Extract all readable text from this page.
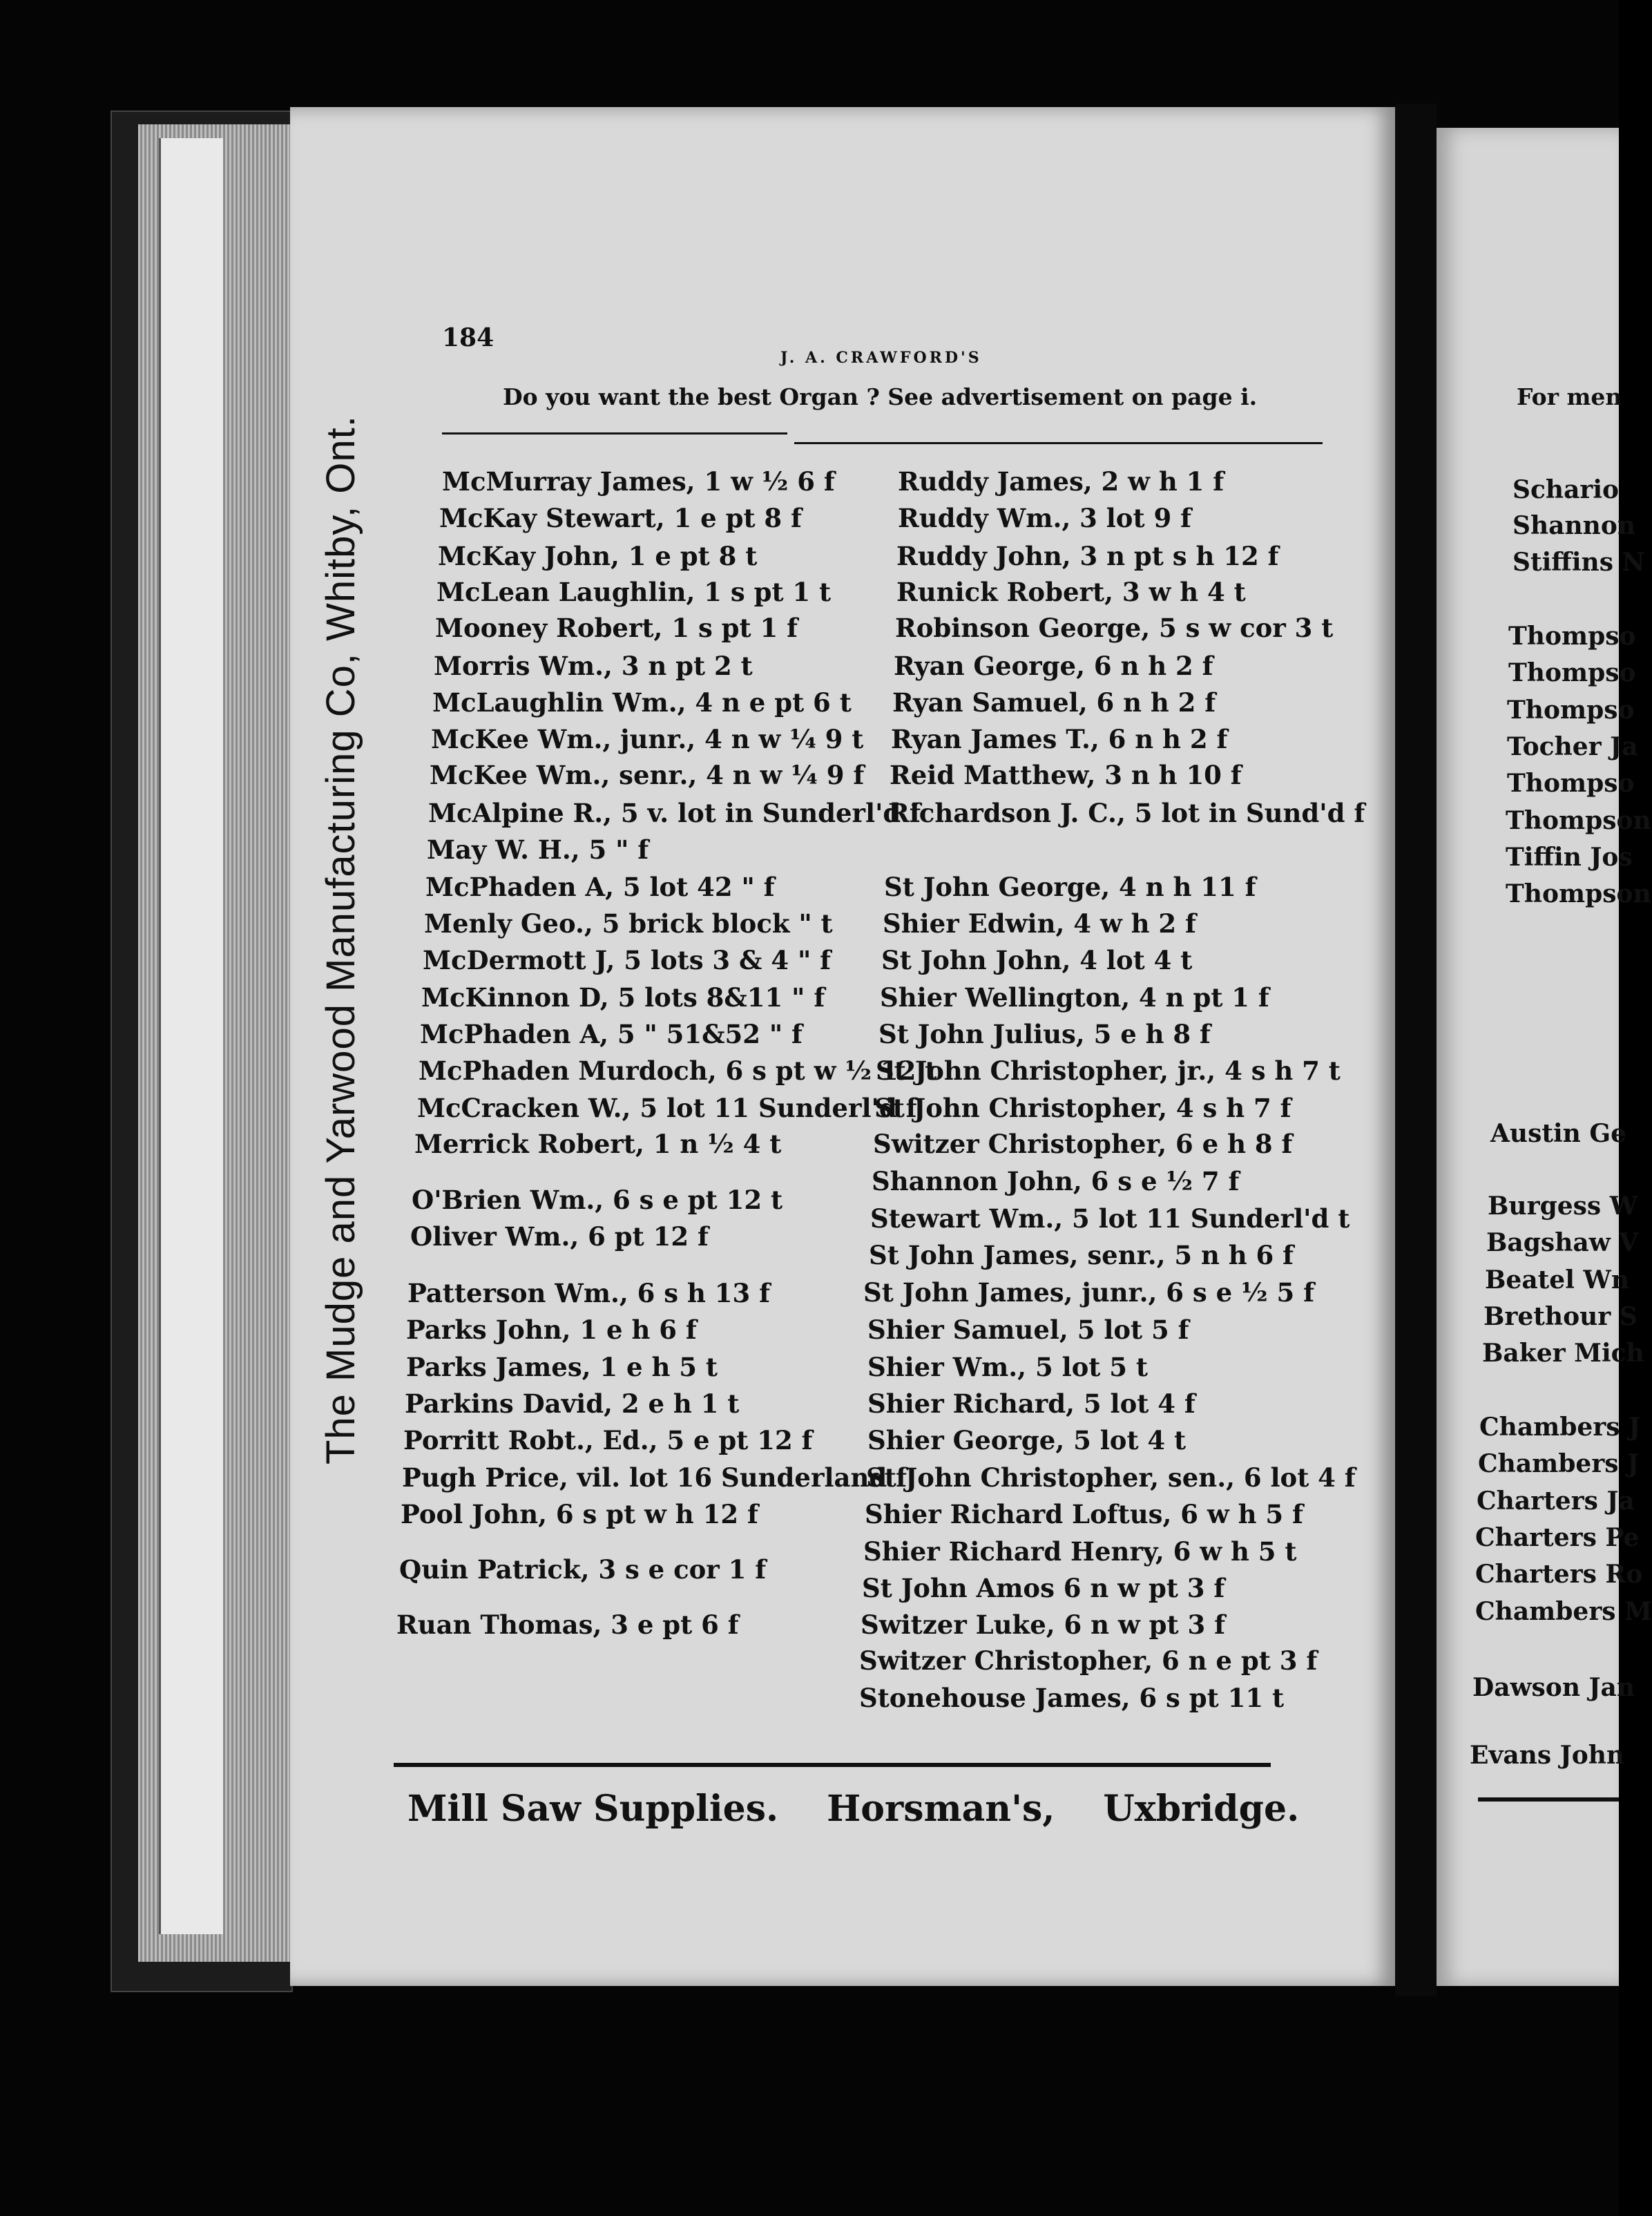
The Mudge and Yarwood Manufacturing Co, Whitby, Ont.
184
J. A. CRAWFORD'S
Do you want the best Organ ? See advertisement on page i.
McMurray James, 1 w ½ 6 f
McKay Stewart, 1 e pt 8 f
McKay John, 1 e pt 8 t
McLean Laughlin, 1 s pt 1 t
Mooney Robert, 1 s pt 1 f
Morris Wm., 3 n pt 2 t
McLaughlin Wm., 4 n e pt 6 t
McKee Wm., junr., 4 n w ¼ 9 t
McKee Wm., senr., 4 n w ¼ 9 f
McAlpine R., 5 v. lot in Sunderl'd f
May W. H., 5 " f
McPhaden A, 5 lot 42 " f
Menly Geo., 5 brick block " t
McDermott J, 5 lots 3 & 4 " f
McKinnon D, 5 lots 8&11 " f
McPhaden A, 5 " 51&52 " f
McPhaden Murdoch, 6 s pt w ½ 12 t
McCracken W., 5 lot 11 Sunderl'd f
Merrick Robert, 1 n ½ 4 t
O'Brien Wm., 6 s e pt 12 t
Oliver Wm., 6 pt 12 f
Patterson Wm., 6 s h 13 f
Parks John, 1 e h 6 f
Parks James, 1 e h 5 t
Parkins David, 2 e h 1 t
Porritt Robt., Ed., 5 e pt 12 f
Pugh Price, vil. lot 16 Sunderland f
Pool John, 6 s pt w h 12 f
Quin Patrick, 3 s e cor 1 f
Ruan Thomas, 3 e pt 6 f
Ruddy James, 2 w h 1 f
Ruddy Wm., 3 lot 9 f
Ruddy John, 3 n pt s h 12 f
Runick Robert, 3 w h 4 t
Robinson George, 5 s w cor 3 t
Ryan George, 6 n h 2 f
Ryan Samuel, 6 n h 2 f
Ryan James T., 6 n h 2 f
Reid Matthew, 3 n h 10 f
Richardson J. C., 5 lot in Sund'd f
St John George, 4 n h 11 f
Shier Edwin, 4 w h 2 f
St John John, 4 lot 4 t
Shier Wellington, 4 n pt 1 f
St John Julius, 5 e h 8 f
St John Christopher, jr., 4 s h 7 t
St John Christopher, 4 s h 7 f
Switzer Christopher, 6 e h 8 f
Shannon John, 6 s e ½ 7 f
Stewart Wm., 5 lot 11 Sunderl'd t
St John James, senr., 5 n h 6 f
St John James, junr., 6 s e ½ 5 f
Shier Samuel, 5 lot 5 f
Shier Wm., 5 lot 5 t
Shier Richard, 5 lot 4 f
Shier George, 5 lot 4 t
St John Christopher, sen., 6 lot 4 f
Shier Richard Loftus, 6 w h 5 f
Shier Richard Henry, 6 w h 5 t
St John Amos 6 n w pt 3 f
Switzer Luke, 6 n w pt 3 f
Switzer Christopher, 6 n e pt 3 f
Stonehouse James, 6 s pt 11 t
Mill Saw Supplies. Horsman's, Uxbridge.
For men
Schario
Shannon
Stiffins N
Thompso
Thompso
Thompso
Tocher Ja
Thompso
Thompson
Tiffin Jos
Thompson
Austin Ge
Burgess W
Bagshaw V
Beatel Wn
Brethour S
Baker Mich
Chambers J
Chambers J
Charters Ja
Charters Pe
Charters Ro
Chambers M
Dawson Jan
Evans John
